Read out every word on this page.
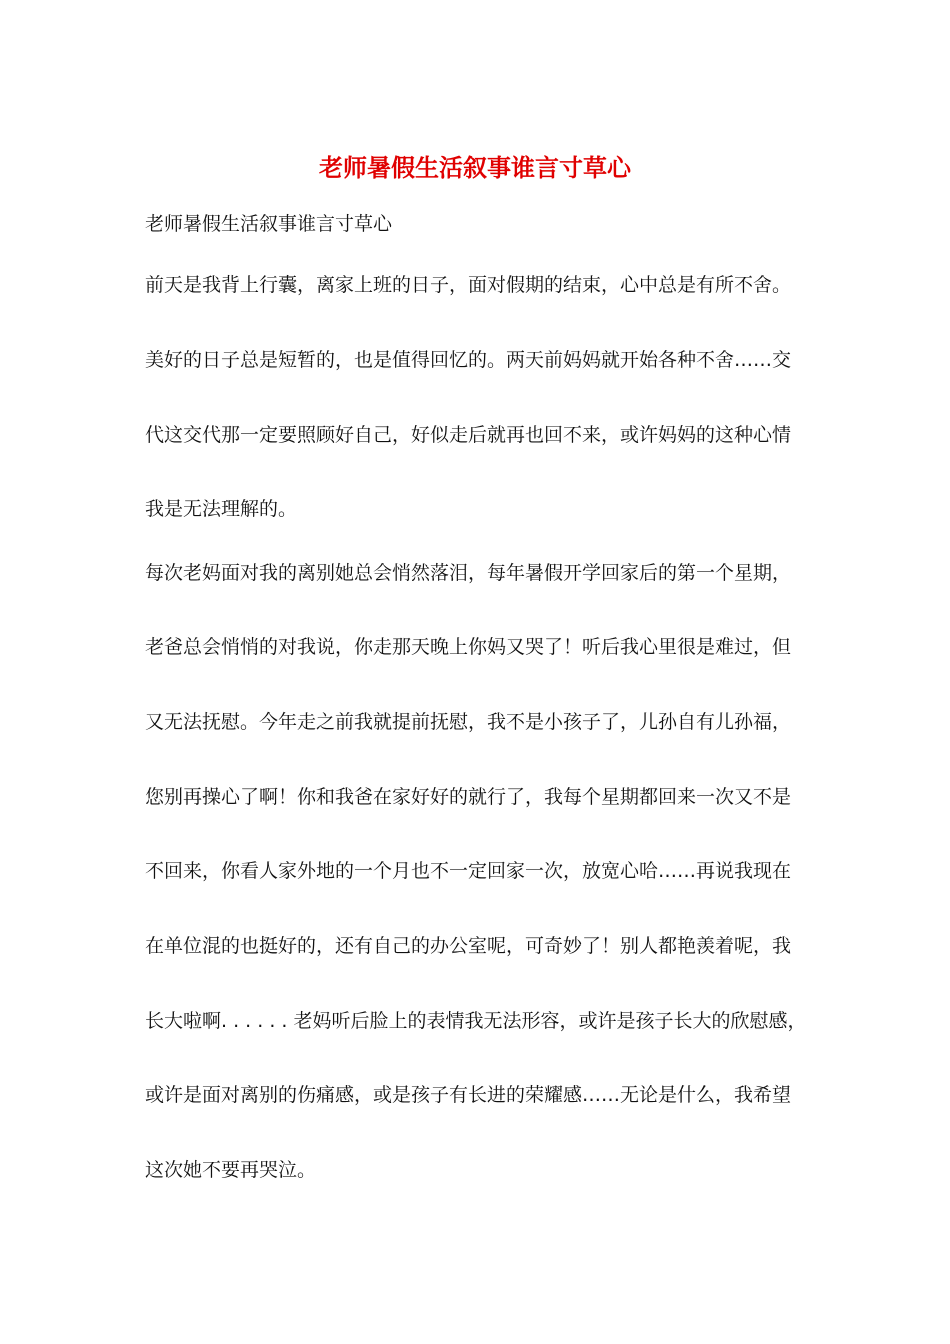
老师暑假生活叙事谁言寸草心
老师暑假生活叙事谁言寸草心
前天是我背上行囊，离家上班的日子，面对假期的结束，心中总是有所不舍。
美好的日子总是短暂的，也是值得回忆的。两天前妈妈就开始各种不舍……交
代这交代那一定要照顾好自己，好似走后就再也回不来，或许妈妈的这种心情
我是无法理解的。
每次老妈面对我的离别她总会悄然落泪，每年暑假开学回家后的第一个星期，
老爸总会悄悄的对我说，你走那天晚上你妈又哭了！听后我心里很是难过，但
又无法抚慰。今年走之前我就提前抚慰，我不是小孩子了，儿孙自有儿孙福，
您别再操心了啊！你和我爸在家好好的就行了，我每个星期都回来一次又不是
不回来，你看人家外地的一个月也不一定回家一次，放宽心哈……再说我现在
在单位混的也挺好的，还有自己的办公室呢，可奇妙了！别人都艳羡着呢，我
长大啦啊. . . . . . 老妈听后脸上的表情我无法形容，或许是孩子长大的欣慰感，
或许是面对离别的伤痛感，或是孩子有长进的荣耀感……无论是什么，我希望
这次她不要再哭泣。
